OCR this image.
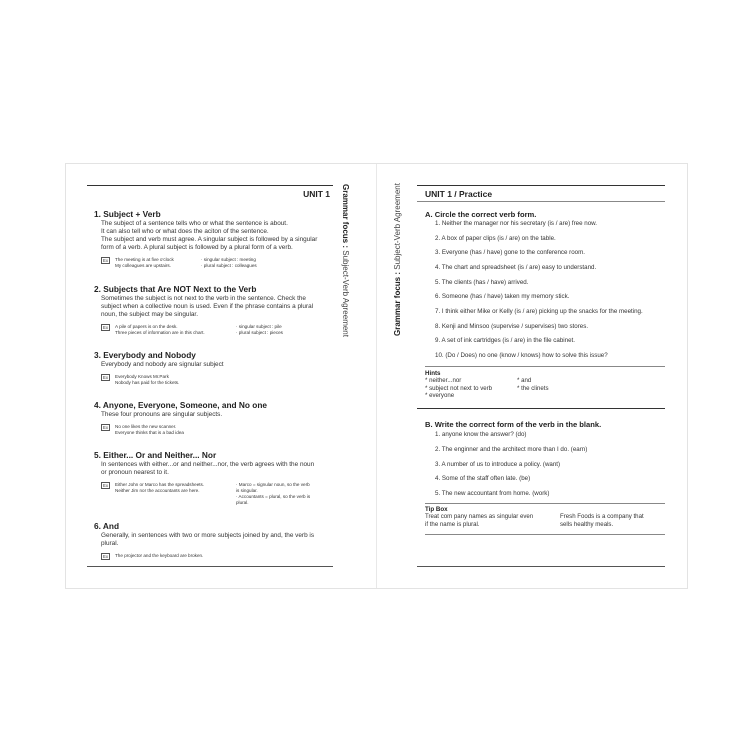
UNIT 1 Grammar focus : Subject-Verb Agreement
1. Subject + Verb

The subject of a sentence tells who or what the sentence is about.

It can also tell who or what does the aciton of the sentence.

The subject and verb must agree. A singular subject is followed by a singular

form of a verb. A plural subject is followed by a plural form of a verb.

Ex	The meeting is at five o'clock
My colleagues are upstairs.
· singular subject : meeting
· plural subject : colleagues
2. Subjects that Are NOT Next to the Verb

Sometimes the subject is not next to the verb in the sentence. Check the

subject when a collective noun is used. Even if the phrase contains a plural

noun, the subject may be singular.

Ex	A pile of papers is on the desk.
Three pieces of information are in this chart.
· singular subject : pile
· plural subject : pieces
3. Everybody and Nobody

Everybody and nobody are signular subject

Ex	Everybody Knows Mr.Park
Nobody has paid for the tickets.
4. Anyone, Everyone, Someone, and No one

These four pronouns are singular subjects.

Ex	No one likes the new scanner.
Everyone thinks that is a bad idea
5. Either... Or and Neither... Nor

In sentences with either...or and neither...nor, the verb agrees with the noun

or pronoun nearest to it.

Ex	Either John or Marco has the spreadsheets.
Neither Jim nor the accountants are here.
· Marco = signular noun, so the verb
is singular.
· Accountants = plural, so the verb is
plural.
6. And

Generally, in sentences with two or more subjects joined by and, the verb is

plural.

Ex	The projector and the keyboard are broken.
UNIT 1 / Practice
Grammar focus : Subject-Verb Agreement	A. Circle the correct verb form.
1. Neither the manager nor his secretary (is / are) free now.
2. A box of paper clips (is / are) on the table.
3. Everyone (has / have) gone to the conference room.
4. The chart and spreadsheet (is / are) easy to understand.
5. The clients (has / have) arrived.
6. Someone (has / have) taken my memory stick.
7. I think either Mike or Kelly (is / are) picking up the snacks for the meeting.
8. Kenji and Minsoo (supervise / supervises) two stores.
9. A set of ink cartridges (is / are) in the file cabinet.
10. (Do / Does) no one (know / knows) how to solve this issue?
Hints
* neither...nor
* subject not next to verb
* everyone
* and
* the clinets
B. Write the correct form of the verb in the blank.
1. anyone know the answer? (do)
2. The enginner and the architect more than I do. (earn)
3. A number of us to introduce a policy. (want)
4. Some of the staff often late. (be)
5. The new accountant from home. (work)
Tip Box
Treat com pany names as singular even
if the name is plural.
Fresh Foods is a company that
sells healthy meals.
